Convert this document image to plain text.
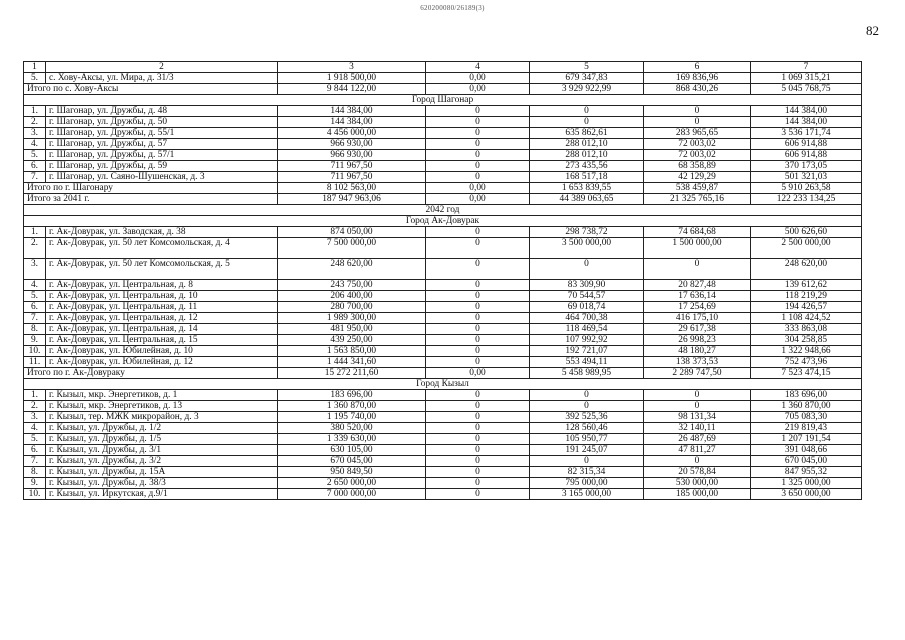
620200080/26189(3)
82
1	2	3	4	5	6	7
5.	с. Хову-Аксы, ул. Мира, д. 31/3	1 918 500,00	0,00	679 347,83	169 836,96	1 069 315,21
Итого по с. Хову-Аксы		9 844 122,00	0,00	3 929 922,99	868 430,26	5 045 768,75
Город Шагонар						
1.	г. Шагонар, ул. Дружбы, д. 48	144 384,00	0	0	0	144 384,00
2.	г. Шагонар, ул. Дружбы, д. 50	144 384,00	0	0	0	144 384,00
3.	г. Шагонар, ул. Дружбы, д. 55/1	4 456 000,00	0	635 862,61	283 965,65	3 536 171,74
4.	г. Шагонар, ул. Дружбы, д. 57	966 930,00	0	288 012,10	72 003,02	606 914,88
5.	г. Шагонар, ул. Дружбы, д. 57/1	966 930,00	0	288 012,10	72 003,02	606 914,88
6.	г. Шагонар, ул. Дружбы, д. 59	711 967,50	0	273 435,56	68 358,89	370 173,05
7.	г. Шагонар, ул. Саяно-Шушенская, д. 3	711 967,50	0	168 517,18	42 129,29	501 321,03
Итого по г. Шагонару		8 102 563,00	0,00	1 653 839,55	538 459,87	5 910 263,58
Итого за 2041 г.		187 947 963,06	0,00	44 389 063,65	21 325 765,16	122 233 134,25
2042 год						
Город Ак-Довурак						
1.	г. Ак-Довурак, ул. Заводская, д. 38	874 050,00	0	298 738,72	74 684,68	500 626,60
2.	г. Ак-Довурак, ул. 50 лет Комсомольская, д. 4	7 500 000,00	0	3 500 000,00	1 500 000,00	2 500 000,00
3.	г. Ак-Довурак, ул. 50 лет Комсомольская, д. 5	248 620,00	0	0	0	248 620,00
4.	г. Ак-Довурак, ул. Центральная, д. 8	243 750,00	0	83 309,90	20 827,48	139 612,62
5.	г. Ак-Довурак, ул. Центральная, д. 10	206 400,00	0	70 544,57	17 636,14	118 219,29
6.	г. Ак-Довурак, ул. Центральная, д. 11	280 700,00	0	69 018,74	17 254,69	194 426,57
7.	г. Ак-Довурак, ул. Центральная, д. 12	1 989 300,00	0	464 700,38	416 175,10	1 108 424,52
8.	г. Ак-Довурак, ул. Центральная, д. 14	481 950,00	0	118 469,54	29 617,38	333 863,08
9.	г. Ак-Довурак, ул. Центральная, д. 15	439 250,00	0	107 992,92	26 998,23	304 258,85
10.	г. Ак-Довурак, ул. Юбилейная, д. 10	1 563 850,00	0	192 721,07	48 180,27	1 322 948,66
11.	г. Ак-Довурак, ул. Юбилейная, д. 12	1 444 341,60	0	553 494,11	138 373,53	752 473,96
Итого по г. Ак-Довураку		15 272 211,60	0,00	5 458 989,95	2 289 747,50	7 523 474,15
Город Кызыл						
1.	г. Кызыл, мкр. Энергетиков, д. 1	183 696,00	0	0	0	183 696,00
2.	г. Кызыл, мкр. Энергетиков, д. 13	1 360 870,00	0	0	0	1 360 870,00
3.	г. Кызыл, тер. МЖК микрорайон, д. 3	1 195 740,00	0	392 525,36	98 131,34	705 083,30
4.	г. Кызыл, ул. Дружбы, д. 1/2	380 520,00	0	128 560,46	32 140,11	219 819,43
5.	г. Кызыл, ул. Дружбы, д. 1/5	1 339 630,00	0	105 950,77	26 487,69	1 207 191,54
6.	г. Кызыл, ул. Дружбы, д. 3/1	630 105,00	0	191 245,07	47 811,27	391 048,66
7.	г. Кызыл, ул. Дружбы, д. 3/2	670 045,00	0	0	0	670 045,00
8.	г. Кызыл, ул. Дружбы, д. 15А	950 849,50	0	82 315,34	20 578,84	847 955,32
9.	г. Кызыл, ул. Дружбы, д. 38/3	2 650 000,00	0	795 000,00	530 000,00	1 325 000,00
10.	г. Кызыл, ул. Иркутская, д.9/1	7 000 000,00	0	3 165 000,00	185 000,00	3 650 000,00
